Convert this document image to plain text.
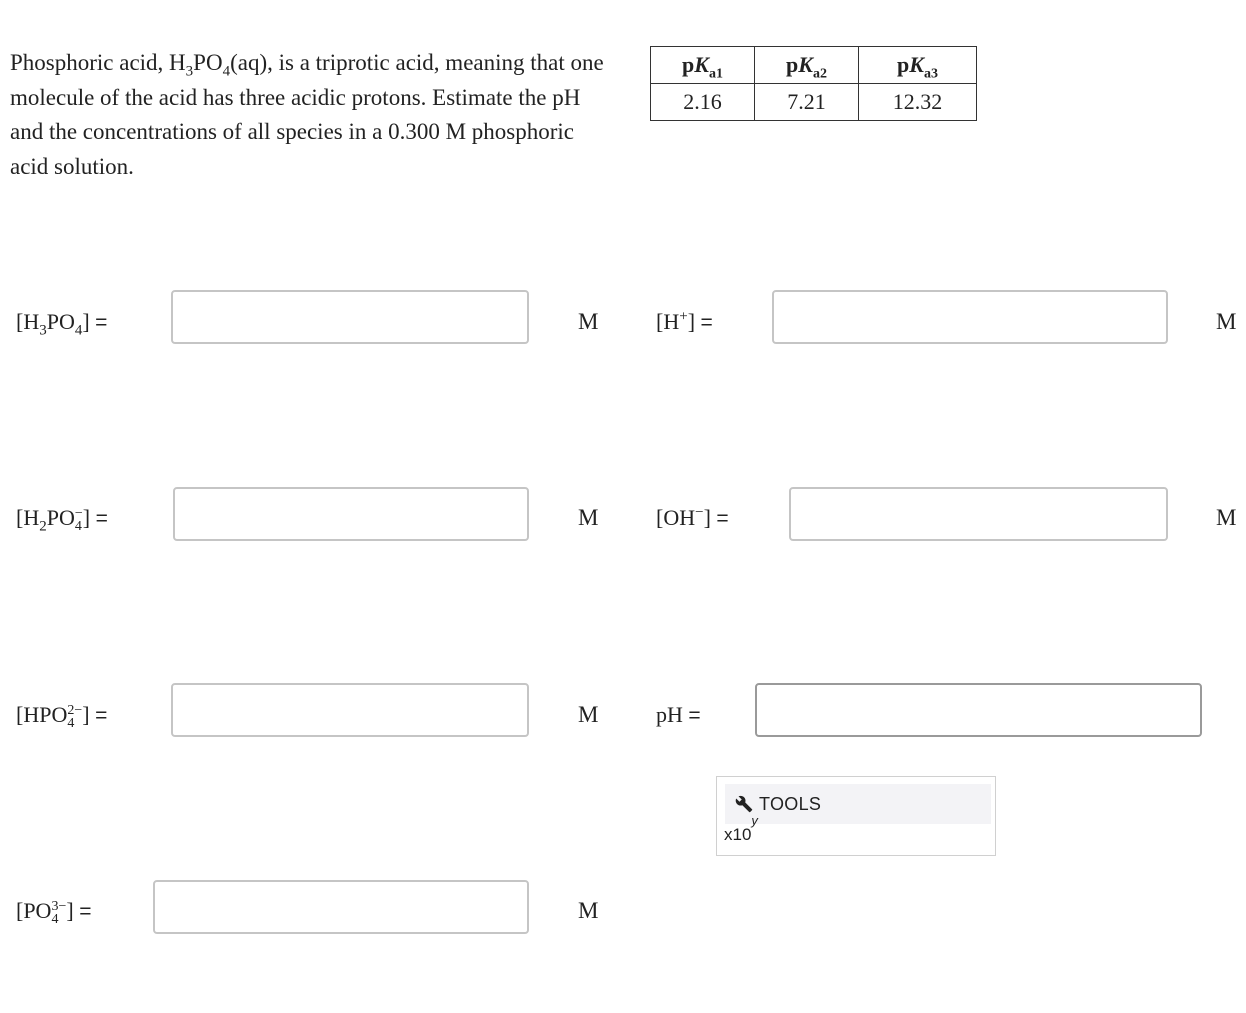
Phosphoric acid, $H_3PO_4(aq)$, is a triprotic acid, meaning that one molecule of the acid has three acidic protons. Estimate the pH and the concentrations of all species in a 0.300 M phosphoric acid solution.
$pK_{a1}$	$pK_{a2}$	$pK_{a3}$
2.16	7.21	12.32
$[H_3PO_4]$ =	M
[$H_2PO$ −
4 ] =	M
[HPO 2−
4 ] =	M
[PO 3−
4 ] =	M
[H+] =	M
[OH−] =	M
pH =
TOOLS
x10$^y$
